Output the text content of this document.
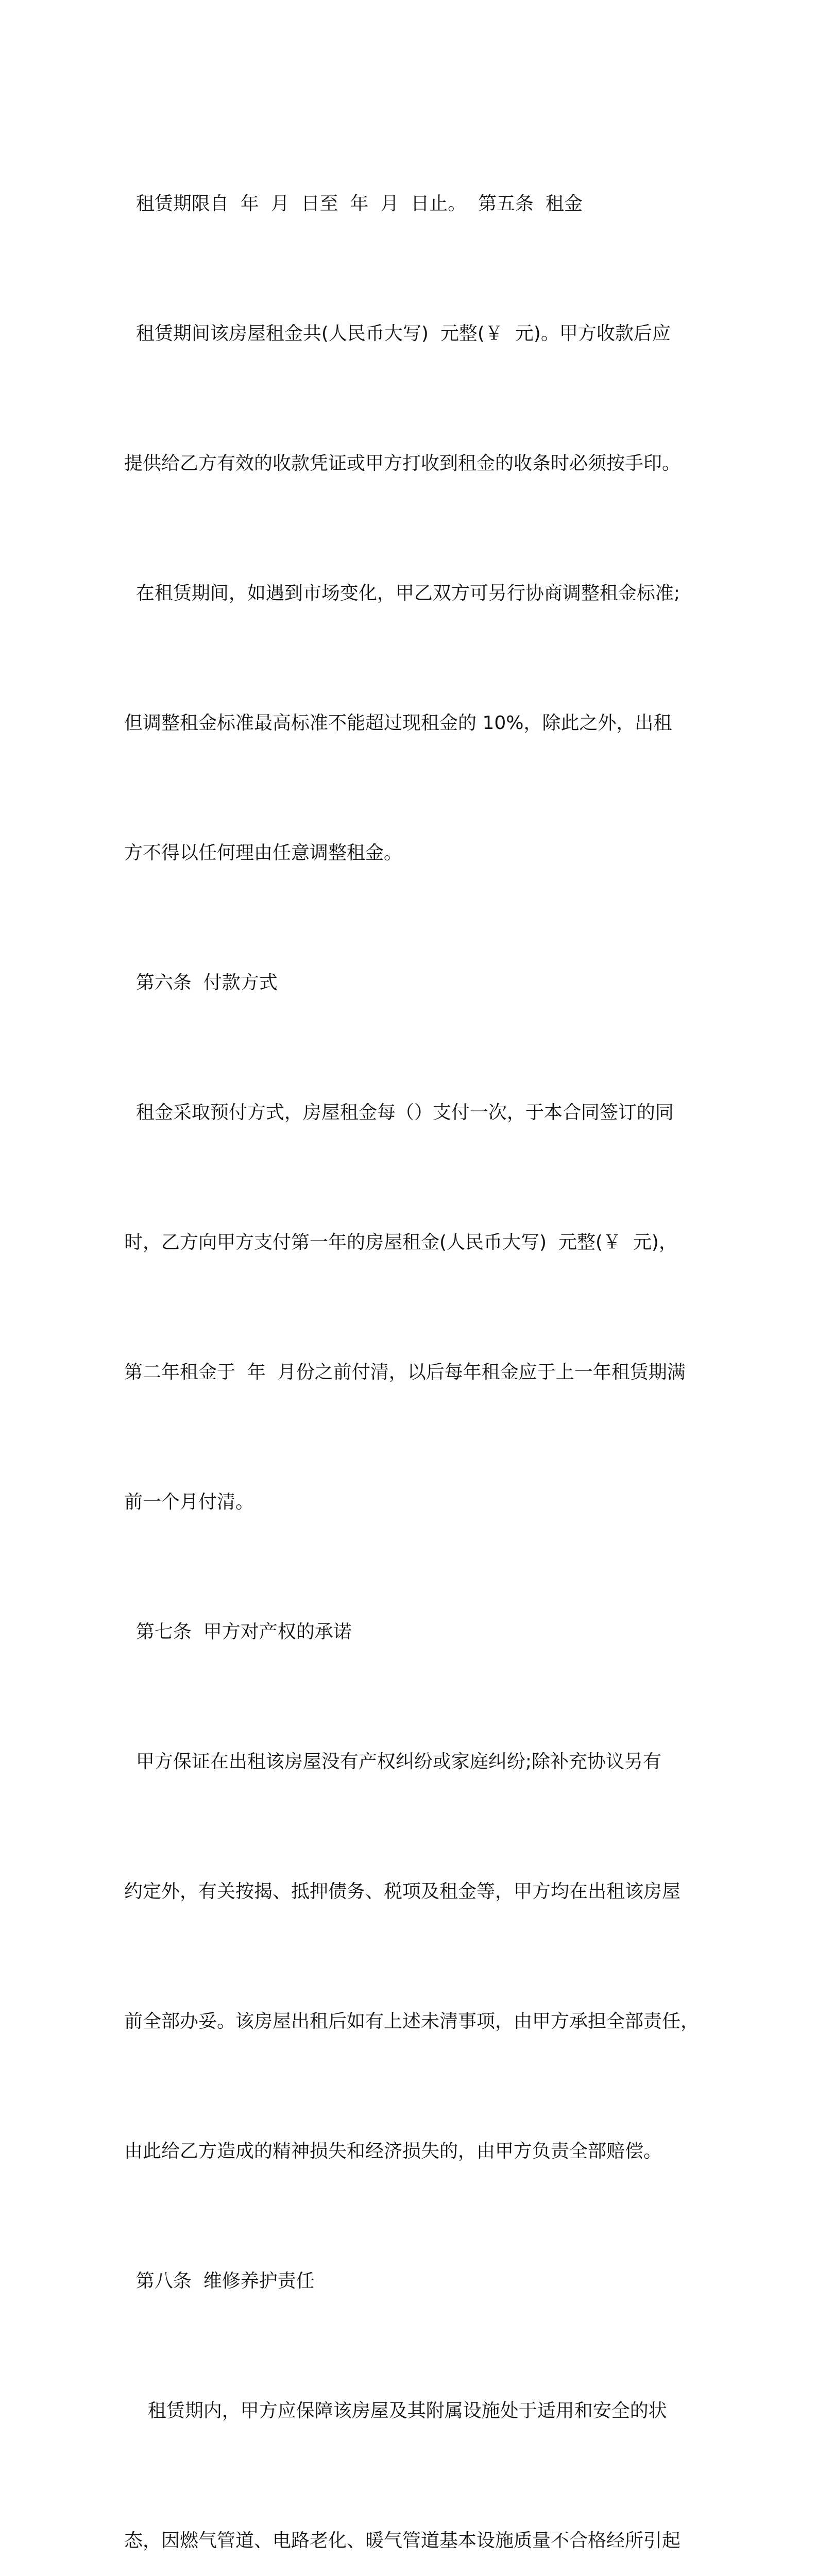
租赁期限自  年  月  日至  年  月  日止。  第五条  租金

租赁期间该房屋租金共(人民币大写)  元整(￥  元)。甲方收款后应

提供给乙方有效的收款凭证或甲方打收到租金的收条时必须按手印。

在租赁期间，如遇到市场变化，甲乙双方可另行协商调整租金标准;

但调整租金标准最高标准不能超过现租金的 10%，除此之外，出租

方不得以任何理由任意调整租金。

第六条  付款方式

租金采取预付方式，房屋租金每（）支付一次，于本合同签订的同

时，乙方向甲方支付第一年的房屋租金(人民币大写)  元整(￥  元)，

第二年租金于  年  月份之前付清，以后每年租金应于上一年租赁期满

前一个月付清。

第七条  甲方对产权的承诺

甲方保证在出租该房屋没有产权纠纷或家庭纠纷;除补充协议另有

约定外，有关按揭、抵押债务、税项及租金等，甲方均在出租该房屋

前全部办妥。该房屋出租后如有上述未清事项，由甲方承担全部责任，

由此给乙方造成的精神损失和经济损失的，由甲方负责全部赔偿。

第八条  维修养护责任

租赁期内，甲方应保障该房屋及其附属设施处于适用和安全的状

态，因燃气管道、电路老化、暖气管道基本设施质量不合格经所引起
